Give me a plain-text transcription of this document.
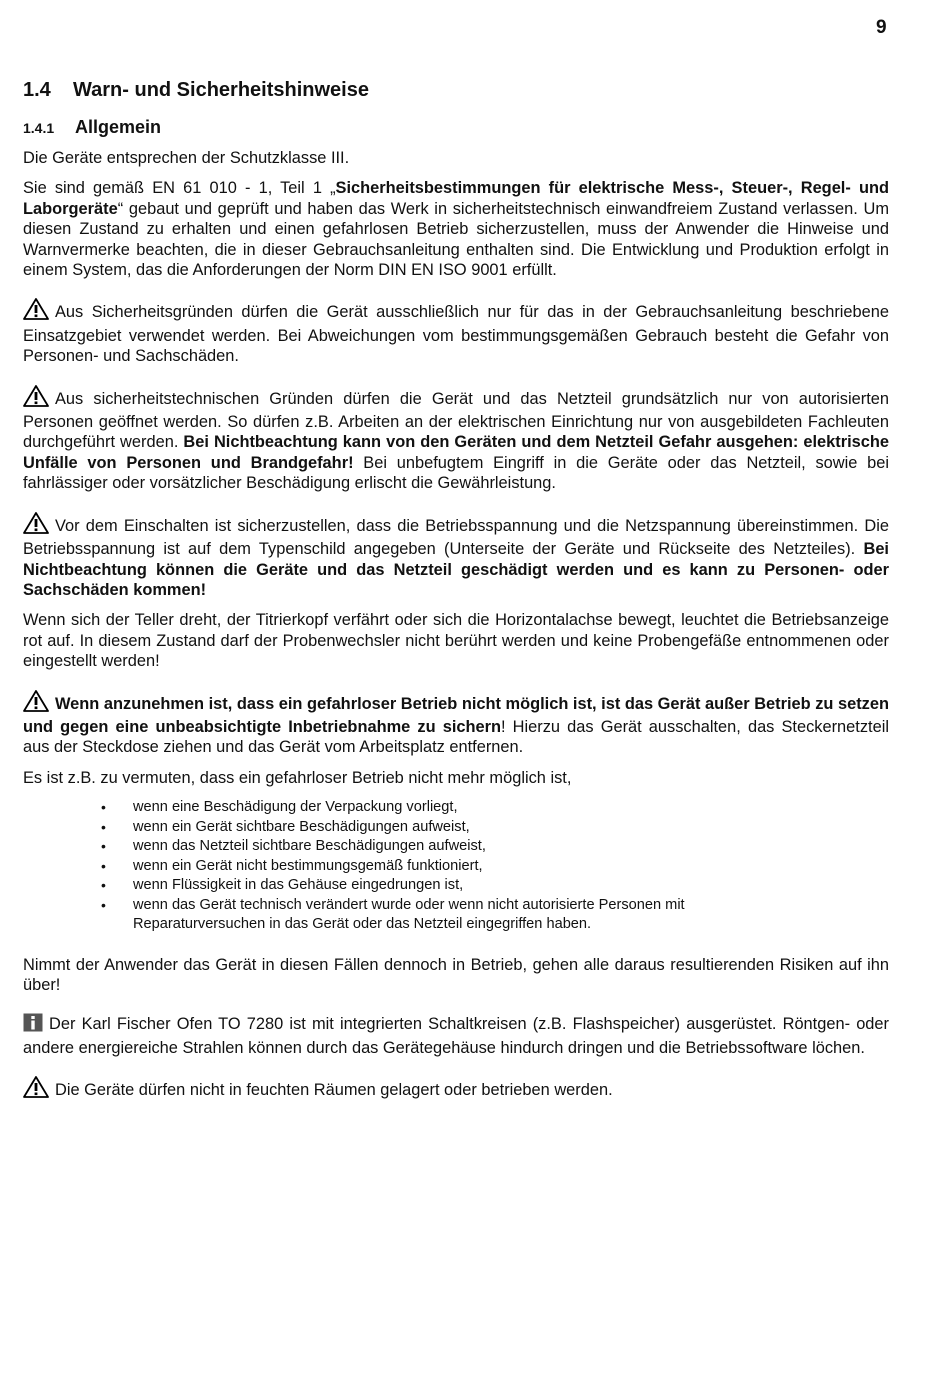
9
1.4 Warn- und Sicherheitshinweise
1.4.1 Allgemein

Die Geräte entsprechen der Schutzklasse III.

Sie sind gemäß EN 61 010 - 1, Teil 1 „Sicherheitsbestimmungen für elektrische Mess-, Steuer-, Regel- und Laborgeräte“ gebaut und geprüft und haben das Werk in sicherheitstechnisch einwandfreiem Zustand verlassen. Um diesen Zustand zu erhalten und einen gefahrlosen Betrieb sicherzustellen, muss der Anwender die Hinweise und Warnvermerke beachten, die in dieser Gebrauchsanleitung enthalten sind. Die Entwicklung und Produktion erfolgt in einem System, das die Anforderungen der Norm DIN EN ISO 9001 erfüllt.

Aus Sicherheitsgründen dürfen die Gerät ausschließlich nur für das in der Gebrauchsanleitung beschriebene Einsatzgebiet verwendet werden. Bei Abweichungen vom bestimmungsgemäßen Gebrauch besteht die Gefahr von Personen- und Sachschäden.

Aus sicherheitstechnischen Gründen dürfen die Gerät und das Netzteil grundsätzlich nur von autorisierten Personen geöffnet werden. So dürfen z.B. Arbeiten an der elektrischen Einrichtung nur von ausgebildeten Fachleuten durchgeführt werden. Bei Nichtbeachtung kann von den Geräten und dem Netzteil Gefahr ausgehen: elektrische Unfälle von Personen und Brandgefahr! Bei unbefugtem Eingriff in die Geräte oder das Netzteil, sowie bei fahrlässiger oder vorsätzlicher Beschädigung erlischt die Gewährleistung.

Vor dem Einschalten ist sicherzustellen, dass die Betriebsspannung und die Netzspannung übereinstimmen. Die Betriebsspannung ist auf dem Typenschild angegeben (Unterseite der Geräte und Rückseite des Netzteiles). Bei Nichtbeachtung können die Geräte und das Netzteil geschädigt werden und es kann zu Personen- oder Sachschäden kommen!

Wenn sich der Teller dreht, der Titrierkopf verfährt oder sich die Horizontalachse bewegt, leuchtet die Betriebsanzeige rot auf. In diesem Zustand darf der Probenwechsler nicht berührt werden und keine Probengefäße entnommenen oder eingestellt werden!

Wenn anzunehmen ist, dass ein gefahrloser Betrieb nicht möglich ist, ist das Gerät außer Betrieb zu setzen und gegen eine unbeabsichtigte Inbetriebnahme zu sichern! Hierzu das Gerät ausschalten, das Steckernetzteil aus der Steckdose ziehen und das Gerät vom Arbeitsplatz entfernen.

Es ist z.B. zu vermuten, dass ein gefahrloser Betrieb nicht mehr möglich ist,

• wenn eine Beschädigung der Verpackung vorliegt,
• wenn ein Gerät sichtbare Beschädigungen aufweist,
• wenn das Netzteil sichtbare Beschädigungen aufweist,
• wenn ein Gerät nicht bestimmungsgemäß funktioniert,
• wenn Flüssigkeit in das Gehäuse eingedrungen ist,
• wenn das Gerät technisch verändert wurde oder wenn nicht autorisierte Personen mit Reparaturversuchen in das Gerät oder das Netzteil eingegriffen haben.

Nimmt der Anwender das Gerät in diesen Fällen dennoch in Betrieb, gehen alle daraus resultierenden Risiken auf ihn über!

Der Karl Fischer Ofen TO 7280 ist mit integrierten Schaltkreisen (z.B. Flashspeicher) ausgerüstet. Röntgen- oder andere energiereiche Strahlen können durch das Gerätegehäuse hindurch dringen und die Betriebssoftware löchen.

Die Geräte dürfen nicht in feuchten Räumen gelagert oder betrieben werden.
